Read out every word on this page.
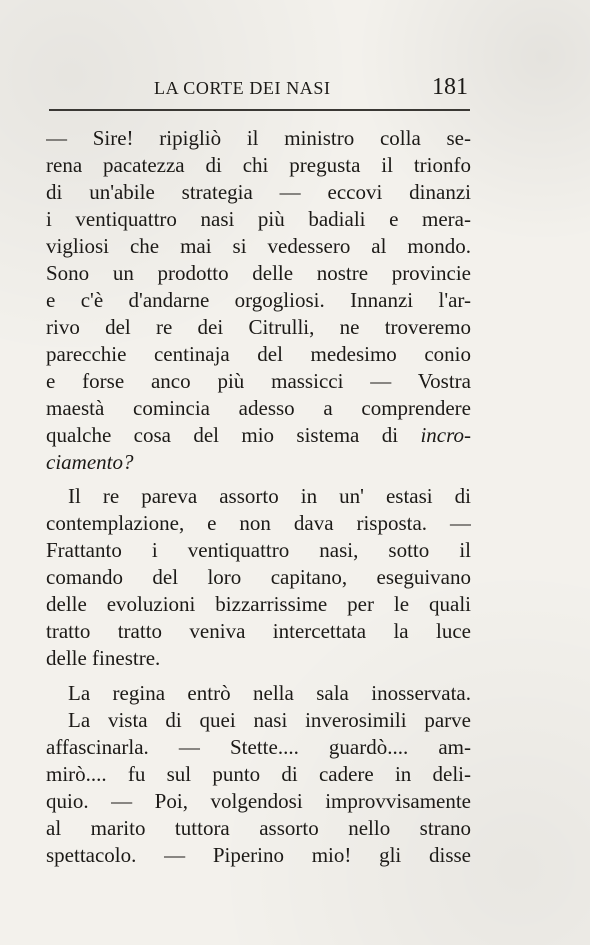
LA CORTE DEI NASI	181
— Sire! ripigliò il ministro colla se-
rena pacatezza di chi pregusta il trionfo
di un'abile strategia — eccovi dinanzi
i ventiquattro nasi più badiali e mera-
vigliosi che mai si vedessero al mondo.
Sono un prodotto delle nostre provincie
e c'è d'andarne orgogliosi. Innanzi l'ar-
rivo del re dei Citrulli, ne troveremo
parecchie centinaja del medesimo conio
e forse anco più massicci — Vostra
maestà comincia adesso a comprendere
qualche cosa del mio sistema di incro-
ciamento?
Il re pareva assorto in un' estasi di
contemplazione, e non dava risposta. —
Frattanto i ventiquattro nasi, sotto il
comando del loro capitano, eseguivano
delle evoluzioni bizzarrissime per le quali
tratto tratto veniva intercettata la luce
delle finestre.
La regina entrò nella sala inosservata.
La vista di quei nasi inverosimili parve
affascinarla. — Stette.... guardò.... am-
mirò.... fu sul punto di cadere in deli-
quio. — Poi, volgendosi improvvisamente
al marito tuttora assorto nello strano
spettacolo. — Piperino mio! gli disse
